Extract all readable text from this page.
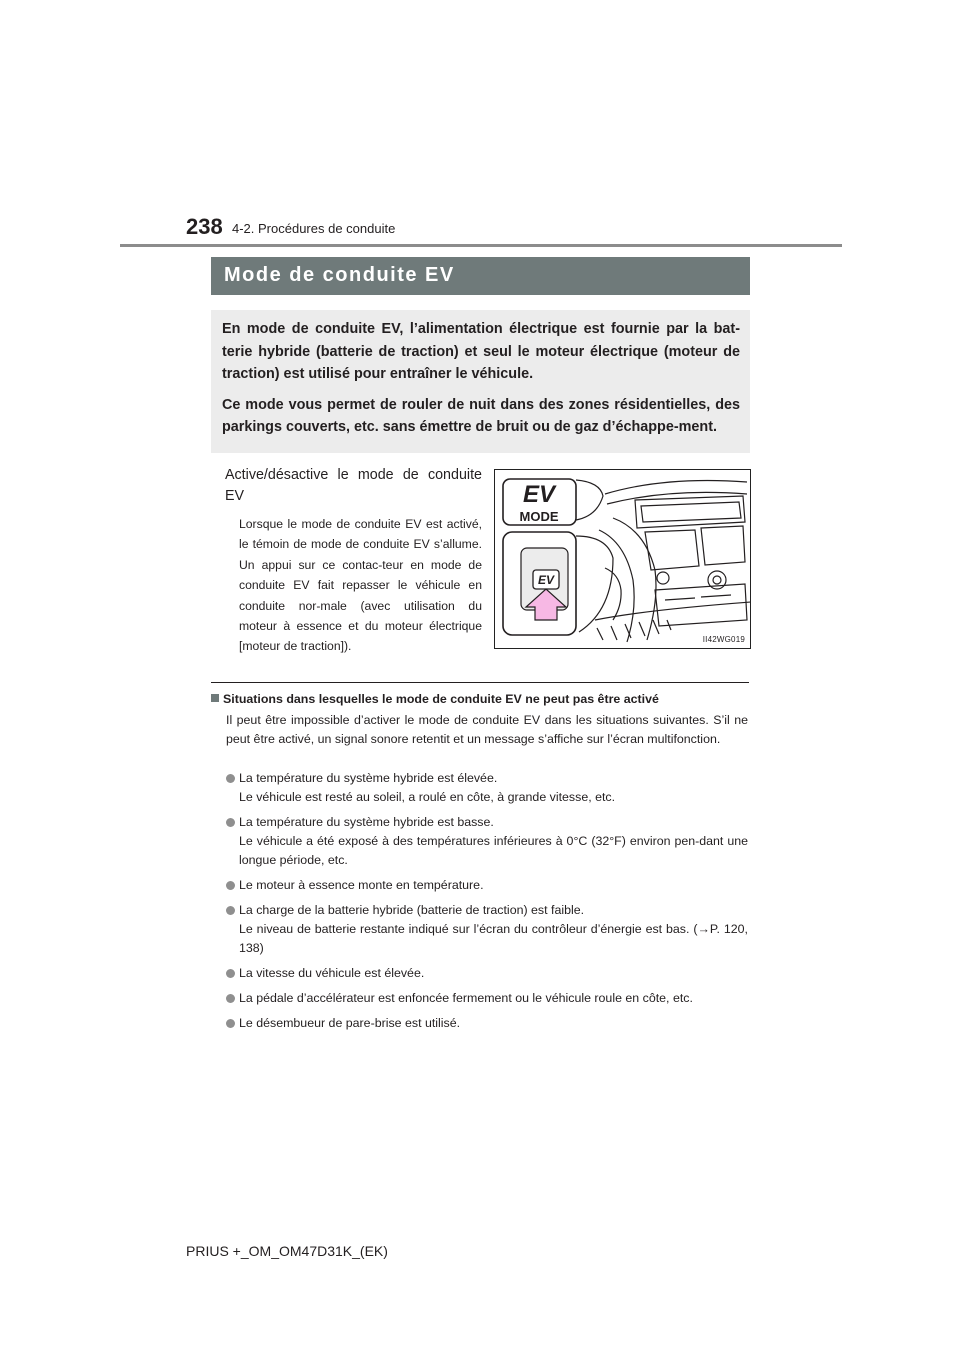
238 4-2. Procédures de conduite
Mode de conduite EV

En mode de conduite EV, l’alimentation électrique est fournie par la bat-terie hybride (batterie de traction) et seul le moteur électrique (moteur de traction) est utilisé pour entraîner le véhicule.

Ce mode vous permet de rouler de nuit dans des zones résidentielles, des parkings couverts, etc. sans émettre de bruit ou de gaz d’échappe-ment.

Active/désactive le mode de conduite EV
Lorsque le mode de conduite EV est activé, le témoin de mode de conduite EV s’allume. Un appui sur ce contac-teur en mode de conduite EV fait repasser le véhicule en conduite nor-male (avec utilisation du moteur à essence et du moteur électrique [moteur de traction]).
EV
MODE
EV
II42WG019
Situations dans lesquelles le mode de conduite EV ne peut pas être activé
Il peut être impossible d’activer le mode de conduite EV dans les situations suivantes. S’il ne peut être activé, un signal sonore retentit et un message s’affiche sur l’écran multifonction.
La température du système hybride est élevée.
Le véhicule est resté au soleil, a roulé en côte, à grande vitesse, etc.
La température du système hybride est basse.
Le véhicule a été exposé à des températures inférieures à 0°C (32°F) environ pen-dant une longue période, etc.
Le moteur à essence monte en température.
La charge de la batterie hybride (batterie de traction) est faible.
Le niveau de batterie restante indiqué sur l’écran du contrôleur d’énergie est bas. (→P. 120, 138)
La vitesse du véhicule est élevée.
La pédale d’accélérateur est enfoncée fermement ou le véhicule roule en côte, etc.
Le désembueur de pare-brise est utilisé.
PRIUS +_OM_OM47D31K_(EK)
